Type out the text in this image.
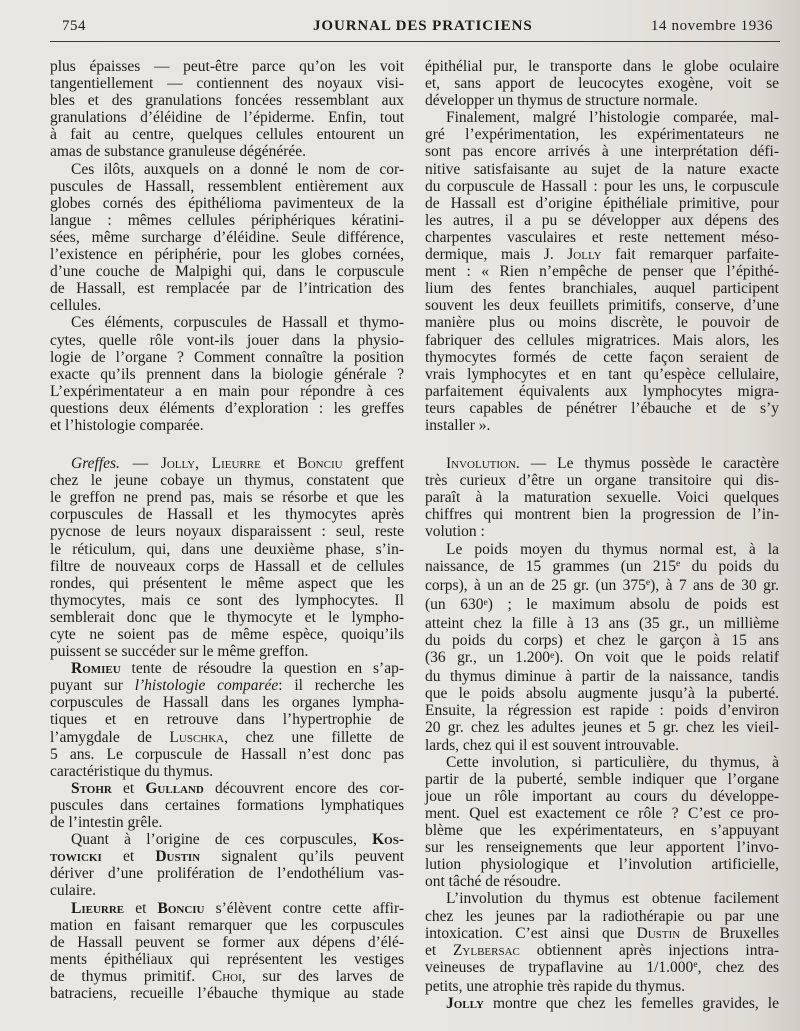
754	JOURNAL DES PRATICIENS	14 novembre 1936
plus épaisses — peut-être parce qu’on les voit
tangentiellement — contiennent des noyaux visi-
bles et des granulations foncées ressemblant aux
granulations d’éléidine de l’épiderme. Enfin, tout
à fait au centre, quelques cellules entourent un
amas de substance granuleuse dégénérée.
Ces ilôts, auxquels on a donné le nom de cor-
puscules de Hassall, ressemblent entièrement aux
globes cornés des épithélioma pavimenteux de la
langue : mêmes cellules périphériques kératini-
sées, même surcharge d’éléidine. Seule différence,
l’existence en périphérie, pour les globes cornées,
d’une couche de Malpighi qui, dans le corpuscule
de Hassall, est remplacée par de l’intrication des
cellules.
Ces éléments, corpuscules de Hassall et thymo-
cytes, quelle rôle vont-ils jouer dans la physio-
logie de l’organe ? Comment connaître la position
exacte qu’ils prennent dans la biologie générale ?
L’expérimentateur a en main pour répondre à ces
questions deux éléments d’exploration : les greffes
et l’histologie comparée.
Greffes. — Jolly, Lieurre et Bonciu greffent
chez le jeune cobaye un thymus, constatent que
le greffon ne prend pas, mais se résorbe et que les
corpuscules de Hassall et les thymocytes après
pycnose de leurs noyaux disparaissent : seul, reste
le réticulum, qui, dans une deuxième phase, s’in-
filtre de nouveaux corps de Hassall et de cellules
rondes, qui présentent le même aspect que les
thymocytes, mais ce sont des lymphocytes. Il
semblerait donc que le thymocyte et le lympho-
cyte ne soient pas de même espèce, quoiqu’ils
puissent se succéder sur le même greffon.
Romieu tente de résoudre la question en s’ap-
puyant sur l’histologie comparée: il recherche les
corpuscules de Hassall dans les organes lympha-
tiques et en retrouve dans l’hypertrophie de
l’amygdale de Luschka, chez une fillette de
5 ans. Le corpuscule de Hassall n’est donc pas
caractéristique du thymus.
Stohr et Gulland découvrent encore des cor-
puscules dans certaines formations lymphatiques
de l’intestin grêle.
Quant à l’origine de ces corpuscules, Kos-
towicki et Dustin signalent qu’ils peuvent
dériver d’une prolifération de l’endothélium vas-
culaire.
Lieurre et Bonciu s’élèvent contre cette affir-
mation en faisant remarquer que les corpuscules
de Hassall peuvent se former aux dépens d’élé-
ments épithéliaux qui représentent les vestiges
de thymus primitif. Choi, sur des larves de
batraciens, recueille l’ébauche thymique au stade
épithélial pur, le transporte dans le globe oculaire
et, sans apport de leucocytes exogène, voit se
développer un thymus de structure normale.
Finalement, malgré l’histologie comparée, mal-
gré l’expérimentation, les expérimentateurs ne
sont pas encore arrivés à une interprétation défi-
nitive satisfaisante au sujet de la nature exacte
du corpuscule de Hassall : pour les uns, le corpuscule
de Hassall est d’origine épithéliale primitive, pour
les autres, il a pu se développer aux dépens des
charpentes vasculaires et reste nettement méso-
dermique, mais J. Jolly fait remarquer parfaite-
ment : « Rien n’empêche de penser que l’épithé-
lium des fentes branchiales, auquel participent
souvent les deux feuillets primitifs, conserve, d’une
manière plus ou moins discrète, le pouvoir de
fabriquer des cellules migratrices. Mais alors, les
thymocytes formés de cette façon seraient de
vrais lymphocytes et en tant qu’espèce cellulaire,
parfaitement équivalents aux lymphocytes migra-
teurs capables de pénétrer l’ébauche et de s’y
installer ».
Involution. — Le thymus possède le caractère
très curieux d’être un organe transitoire qui dis-
paraît à la maturation sexuelle. Voici quelques
chiffres qui montrent bien la progression de l’in-
volution :
Le poids moyen du thymus normal est, à la
naissance, de 15 grammes (un 215e du poids du
corps), à un an de 25 gr. (un 375e), à 7 ans de 30 gr.
(un 630e) ; le maximum absolu de poids est
atteint chez la fille à 13 ans (35 gr., un millième
du poids du corps) et chez le garçon à 15 ans
(36 gr., un 1.200e). On voit que le poids relatif
du thymus diminue à partir de la naissance, tandis
que le poids absolu augmente jusqu’à la puberté.
Ensuite, la régression est rapide : poids d’environ
20 gr. chez les adultes jeunes et 5 gr. chez les vieil-
lards, chez qui il est souvent introuvable.
Cette involution, si particulière, du thymus, à
partir de la puberté, semble indiquer que l’organe
joue un rôle important au cours du développe-
ment. Quel est exactement ce rôle ? C’est ce pro-
blème que les expérimentateurs, en s’appuyant
sur les renseignements que leur apportent l’invo-
lution physiologique et l’involution artificielle,
ont tâché de résoudre.
L’involution du thymus est obtenue facilement
chez les jeunes par la radiothérapie ou par une
intoxication. C’est ainsi que Dustin de Bruxelles
et Zylbersac obtiennent après injections intra-
veineuses de trypaflavine au 1/1.000e, chez des
petits, une atrophie très rapide du thymus.
Jolly montre que chez les femelles gravides, le
